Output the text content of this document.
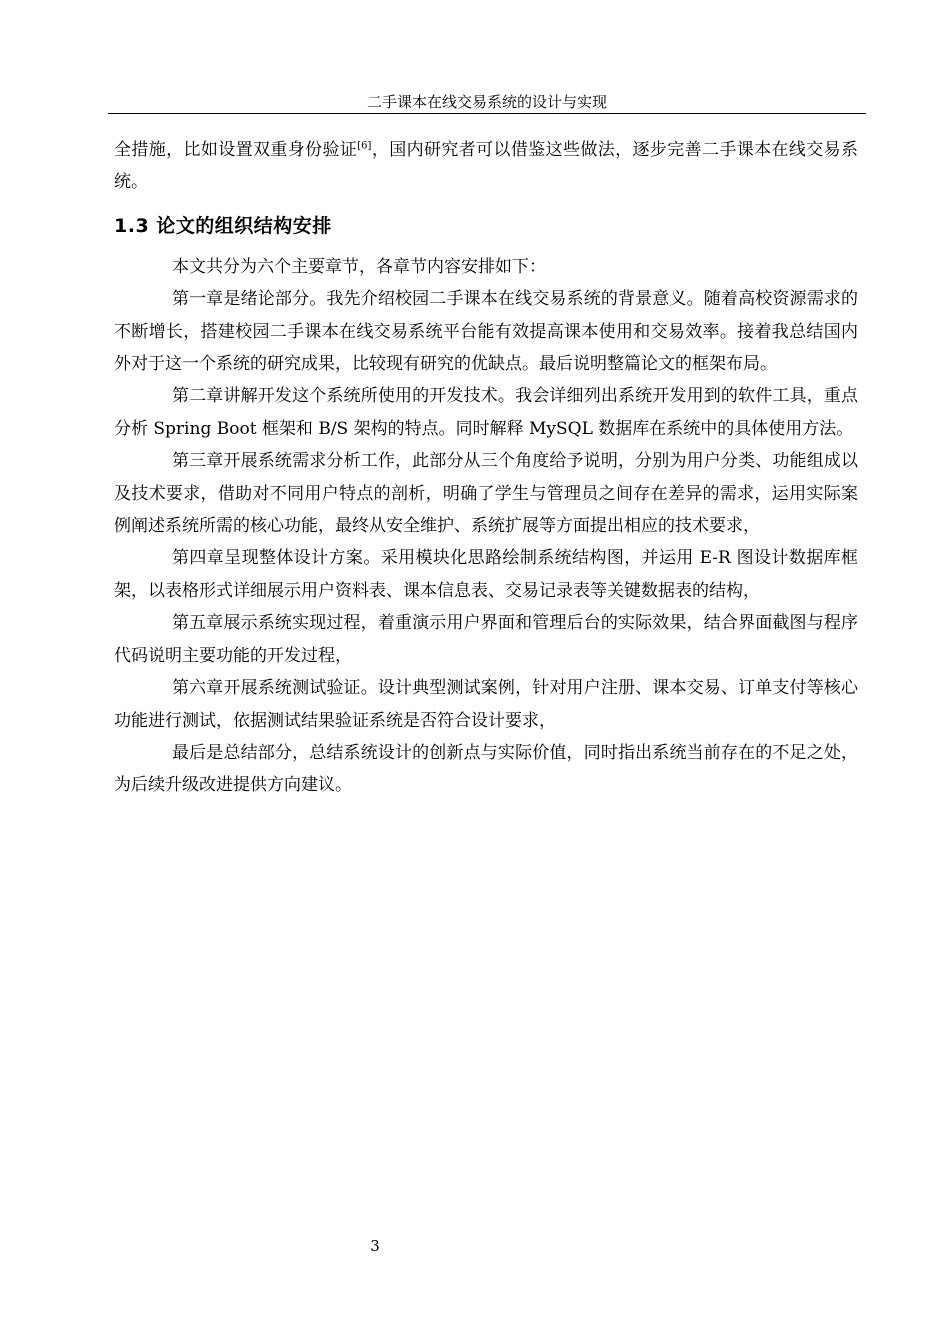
二手课本在线交易系统的设计与实现

全措施，比如设置双重身份验证[6]，国内研究者可以借鉴这些做法，逐步完善二手课本在线交易系统。

1.3 论文的组织结构安排

本文共分为六个主要章节，各章节内容安排如下：

第一章是绪论部分。我先介绍校园二手课本在线交易系统的背景意义。随着高校资源需求的不断增长，搭建校园二手课本在线交易系统平台能有效提高课本使用和交易效率。接着我总结国内外对于这一个系统的研究成果，比较现有研究的优缺点。最后说明整篇论文的框架布局。

第二章讲解开发这个系统所使用的开发技术。我会详细列出系统开发用到的软件工具，重点分析 Spring Boot 框架和 B/S 架构的特点。同时解释 MySQL 数据库在系统中的具体使用方法。

第三章开展系统需求分析工作，此部分从三个角度给予说明，分别为用户分类、功能组成以及技术要求，借助对不同用户特点的剖析，明确了学生与管理员之间存在差异的需求，运用实际案例阐述系统所需的核心功能，最终从安全维护、系统扩展等方面提出相应的技术要求，

第四章呈现整体设计方案。采用模块化思路绘制系统结构图，并运用 E-R 图设计数据库框架，以表格形式详细展示用户资料表、课本信息表、交易记录表等关键数据表的结构，

第五章展示系统实现过程，着重演示用户界面和管理后台的实际效果，结合界面截图与程序代码说明主要功能的开发过程，

第六章开展系统测试验证。设计典型测试案例，针对用户注册、课本交易、订单支付等核心功能进行测试，依据测试结果验证系统是否符合设计要求，

最后是总结部分，总结系统设计的创新点与实际价值，同时指出系统当前存在的不足之处，为后续升级改进提供方向建议。

3
